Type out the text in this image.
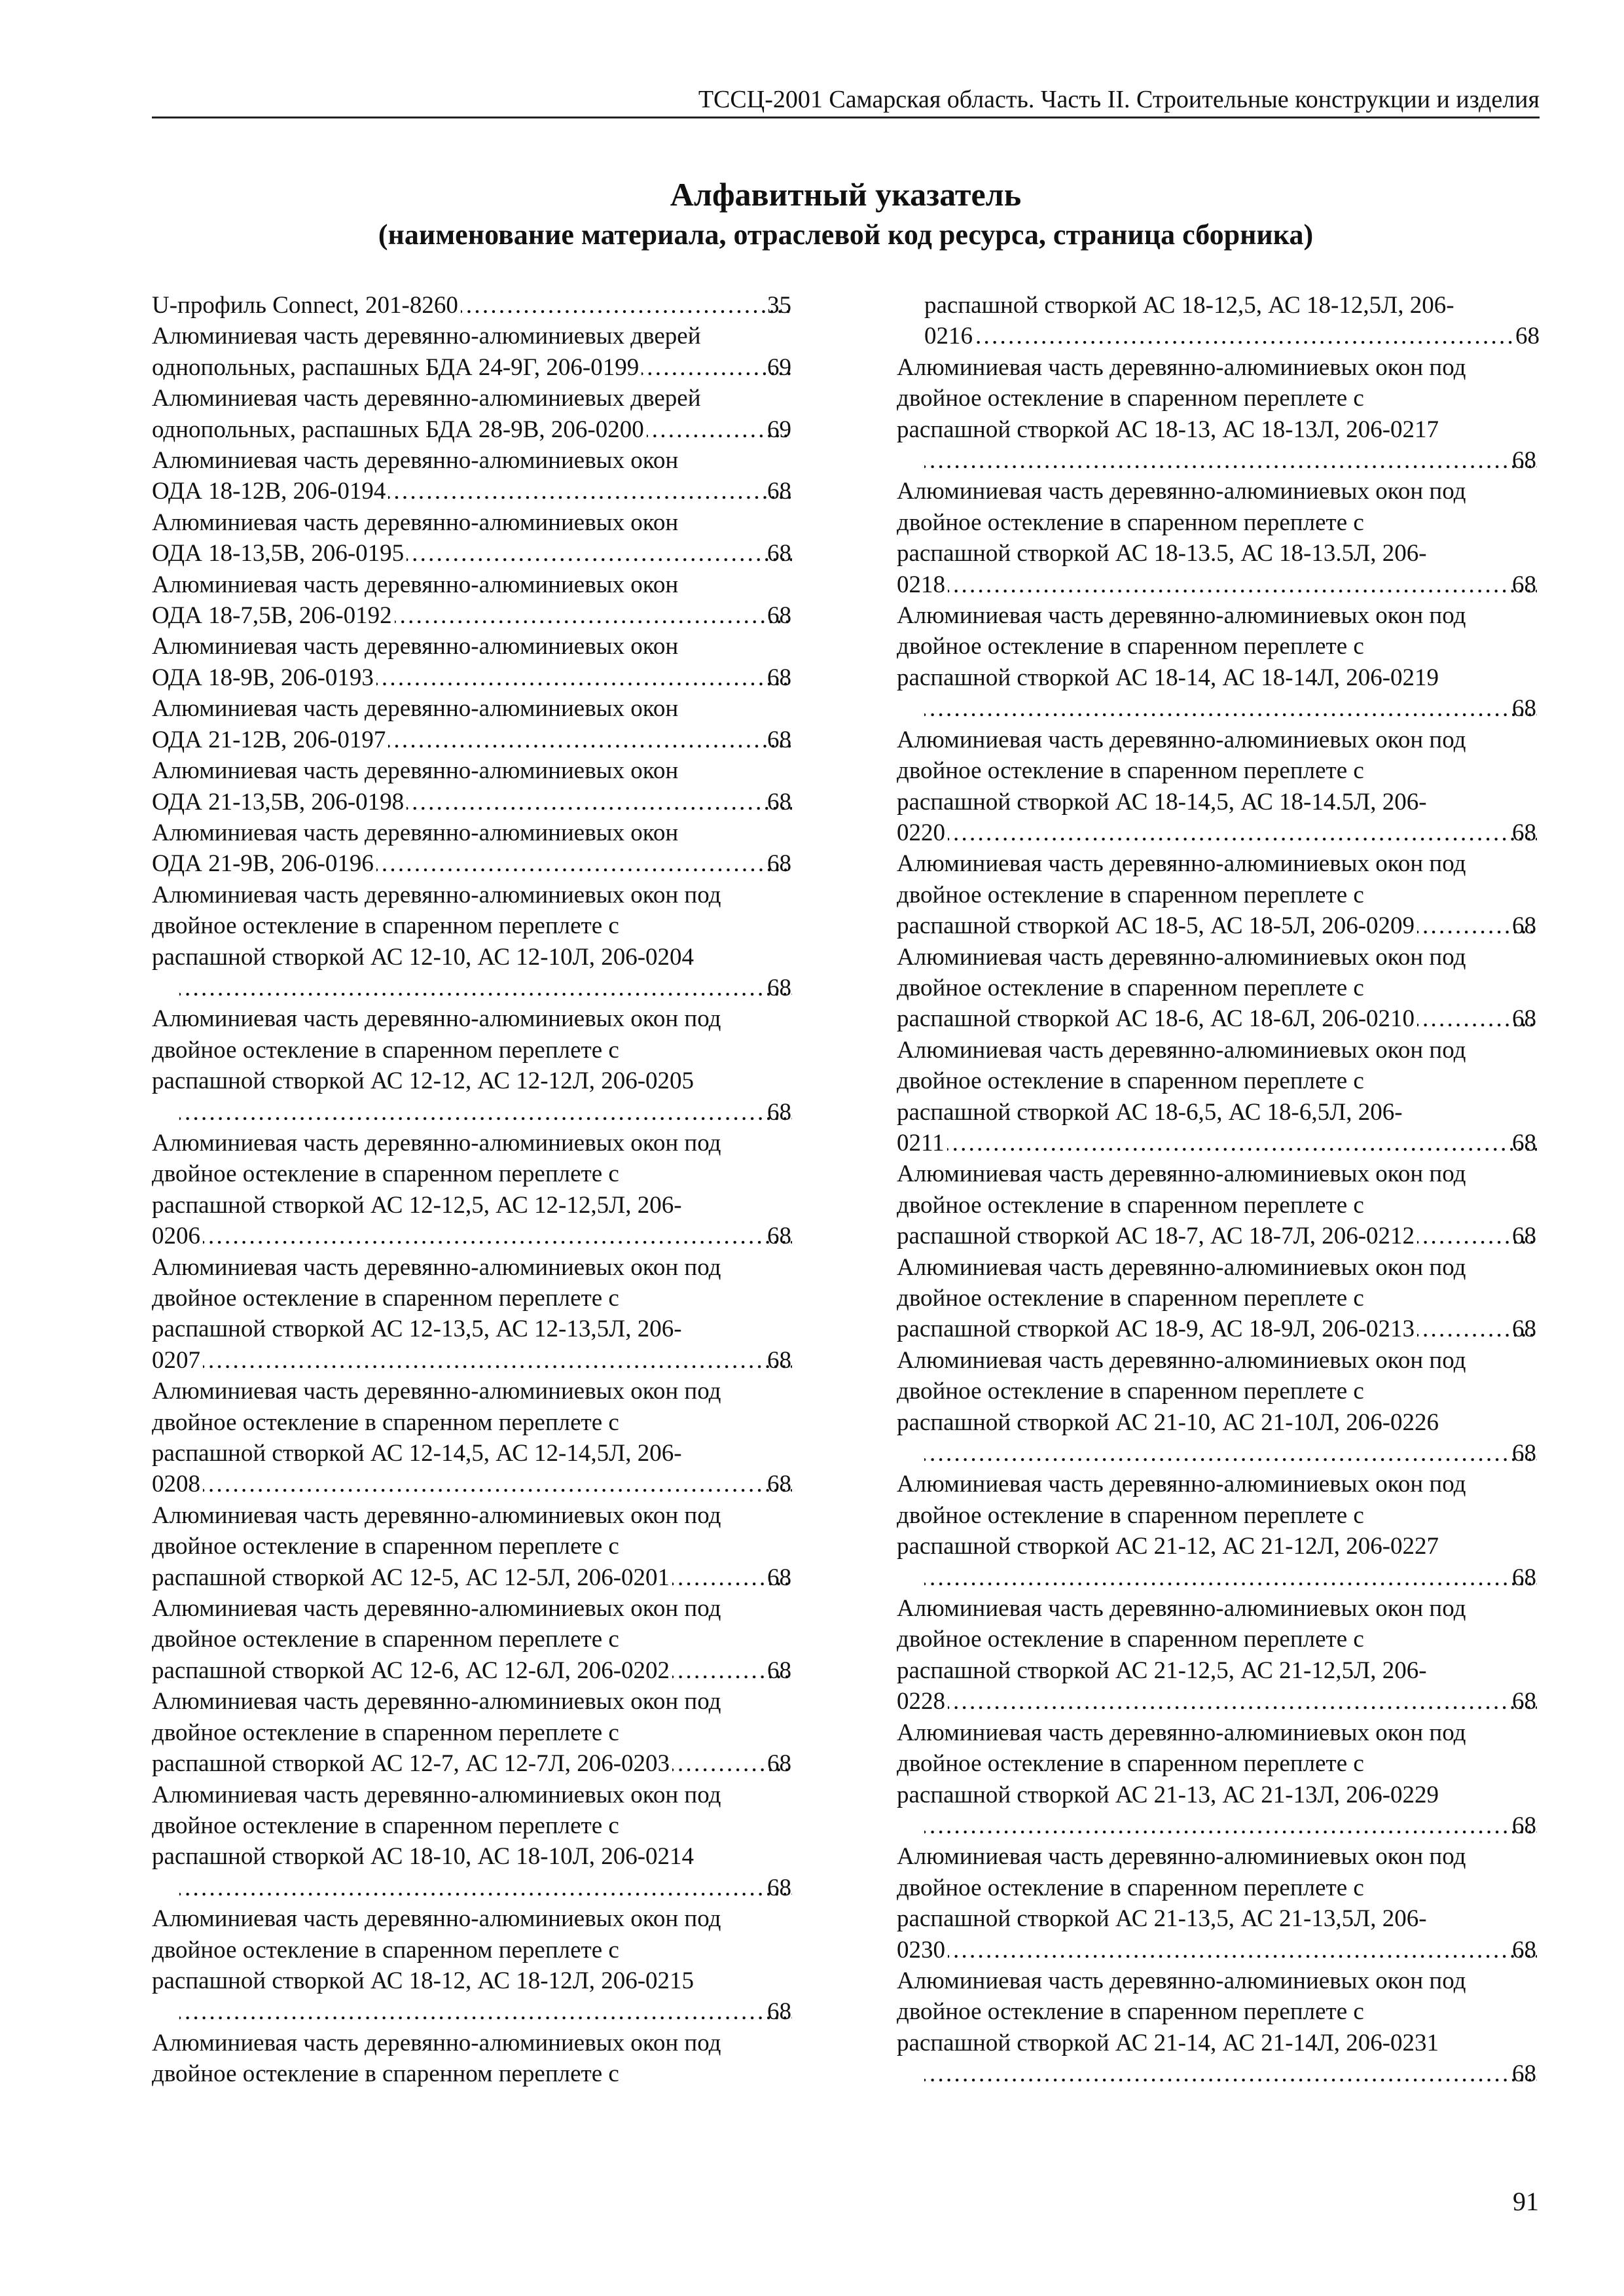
ТССЦ-2001 Самарская область. Часть II. Строительные конструкции и изделия
Алфавитный указатель
(наименование материала, отраслевой код ресурса, страница сборника)
U-профиль Connect, 201-8260 . . .	35
Алюминиевая часть деревянно-алюминиевых дверей
однопольных, распашных БДА 24-9Г, 206-0199 . . .	69
Алюминиевая часть деревянно-алюминиевых дверей
однопольных, распашных БДА 28-9В, 206-0200 . . .	69
Алюминиевая часть деревянно-алюминиевых окон
ОДА 18-12В, 206-0194 . . .	68
Алюминиевая часть деревянно-алюминиевых окон
ОДА 18-13,5В, 206-0195 . . .	68
Алюминиевая часть деревянно-алюминиевых окон
ОДА 18-7,5В, 206-0192 . . .	68
Алюминиевая часть деревянно-алюминиевых окон
ОДА 18-9В, 206-0193 . . .	68
Алюминиевая часть деревянно-алюминиевых окон
ОДА 21-12В, 206-0197 . . .	68
Алюминиевая часть деревянно-алюминиевых окон
ОДА 21-13,5В, 206-0198 . . .	68
Алюминиевая часть деревянно-алюминиевых окон
ОДА 21-9В, 206-0196 . . .	68
Алюминиевая часть деревянно-алюминиевых окон под
двойное остекление в спаренном переплете с
распашной створкой АС 12-10, АС 12-10Л, 206-0204
. . .
68
Алюминиевая часть деревянно-алюминиевых окон под
двойное остекление в спаренном переплете с
распашной створкой АС 12-12, АС 12-12Л, 206-0205
. . .
68
Алюминиевая часть деревянно-алюминиевых окон под
двойное остекление в спаренном переплете с
распашной створкой АС 12-12,5, АС 12-12,5Л, 206-
0206 . . .	68
Алюминиевая часть деревянно-алюминиевых окон под
двойное остекление в спаренном переплете с
распашной створкой АС 12-13,5, АС 12-13,5Л, 206-
0207 . . .	68
Алюминиевая часть деревянно-алюминиевых окон под
двойное остекление в спаренном переплете с
распашной створкой АС 12-14,5, АС 12-14,5Л, 206-
0208 . . .	68
Алюминиевая часть деревянно-алюминиевых окон под
двойное остекление в спаренном переплете с
распашной створкой АС 12-5, АС 12-5Л, 206-0201 . . .	68
Алюминиевая часть деревянно-алюминиевых окон под
двойное остекление в спаренном переплете с
распашной створкой АС 12-6, АС 12-6Л, 206-0202 . . .	68
Алюминиевая часть деревянно-алюминиевых окон под
двойное остекление в спаренном переплете с
распашной створкой АС 12-7, АС 12-7Л, 206-0203 . . .	68
Алюминиевая часть деревянно-алюминиевых окон под
двойное остекление в спаренном переплете с
распашной створкой АС 18-10, АС 18-10Л, 206-0214
. . .
68
Алюминиевая часть деревянно-алюминиевых окон под
двойное остекление в спаренном переплете с
распашной створкой АС 18-12, АС 18-12Л, 206-0215
. . .
68
Алюминиевая часть деревянно-алюминиевых окон под
двойное остекление в спаренном переплете с
распашной створкой АС 18-12,5, АС 18-12,5Л, 206-
0216 . . .	68
Алюминиевая часть деревянно-алюминиевых окон под
двойное остекление в спаренном переплете с
распашной створкой АС 18-13, АС 18-13Л, 206-0217
. . .
68
Алюминиевая часть деревянно-алюминиевых окон под
двойное остекление в спаренном переплете с
распашной створкой АС 18-13.5, АС 18-13.5Л, 206-
0218 . . .	68
Алюминиевая часть деревянно-алюминиевых окон под
двойное остекление в спаренном переплете с
распашной створкой АС 18-14, АС 18-14Л, 206-0219
. . .
68
Алюминиевая часть деревянно-алюминиевых окон под
двойное остекление в спаренном переплете с
распашной створкой АС 18-14,5, АС 18-14.5Л, 206-
0220 . . .	68
Алюминиевая часть деревянно-алюминиевых окон под
двойное остекление в спаренном переплете с
распашной створкой АС 18-5, АС 18-5Л, 206-0209 . . .	68
Алюминиевая часть деревянно-алюминиевых окон под
двойное остекление в спаренном переплете с
распашной створкой АС 18-6, АС 18-6Л, 206-0210 . . .	68
Алюминиевая часть деревянно-алюминиевых окон под
двойное остекление в спаренном переплете с
распашной створкой АС 18-6,5, АС 18-6,5Л, 206-
0211 . . .	68
Алюминиевая часть деревянно-алюминиевых окон под
двойное остекление в спаренном переплете с
распашной створкой АС 18-7, АС 18-7Л, 206-0212 . . .	68
Алюминиевая часть деревянно-алюминиевых окон под
двойное остекление в спаренном переплете с
распашной створкой АС 18-9, АС 18-9Л, 206-0213 . . .	68
Алюминиевая часть деревянно-алюминиевых окон под
двойное остекление в спаренном переплете с
распашной створкой АС 21-10, АС 21-10Л, 206-0226
. . .
68
Алюминиевая часть деревянно-алюминиевых окон под
двойное остекление в спаренном переплете с
распашной створкой АС 21-12, АС 21-12Л, 206-0227
. . .
68
Алюминиевая часть деревянно-алюминиевых окон под
двойное остекление в спаренном переплете с
распашной створкой АС 21-12,5, АС 21-12,5Л, 206-
0228 . . .	68
Алюминиевая часть деревянно-алюминиевых окон под
двойное остекление в спаренном переплете с
распашной створкой АС 21-13, АС 21-13Л, 206-0229
. . .
68
Алюминиевая часть деревянно-алюминиевых окон под
двойное остекление в спаренном переплете с
распашной створкой АС 21-13,5, АС 21-13,5Л, 206-
0230 . . .	68
Алюминиевая часть деревянно-алюминиевых окон под
двойное остекление в спаренном переплете с
распашной створкой АС 21-14, АС 21-14Л, 206-0231
. . .
68
91
